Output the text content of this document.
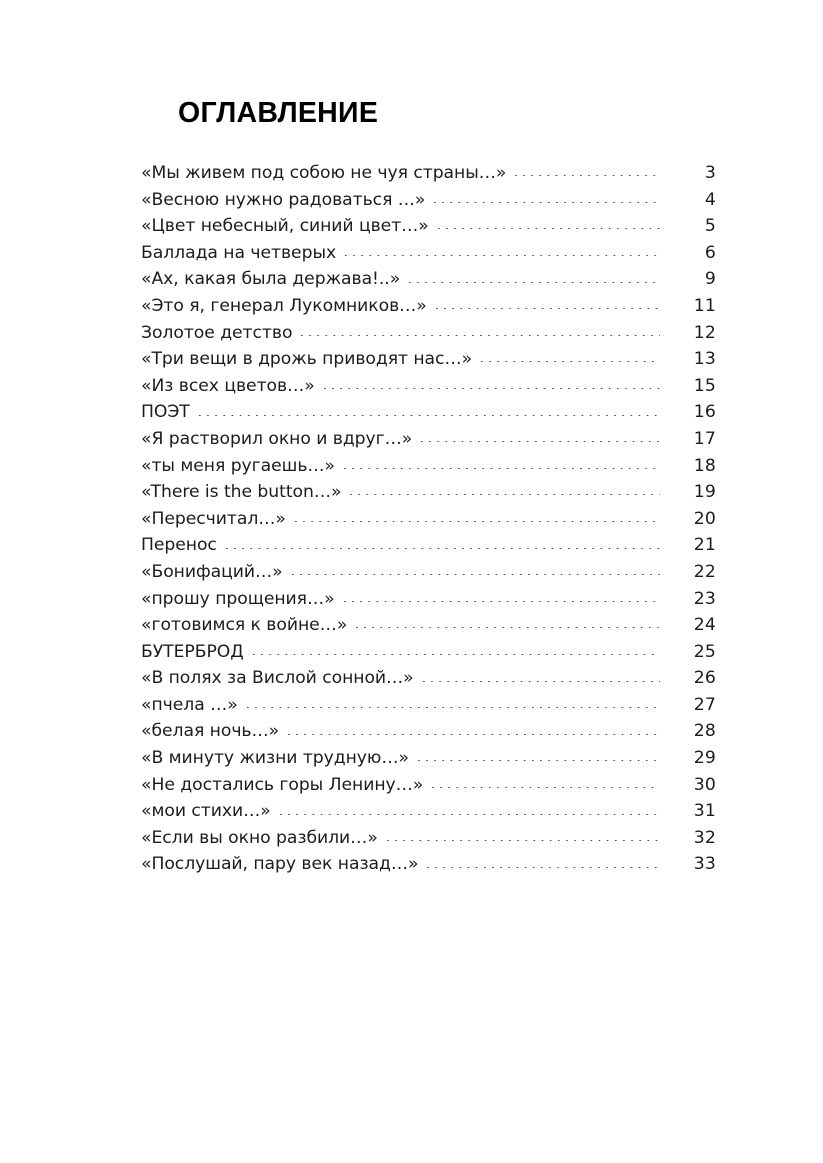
ОГЛАВЛЕНИЕ
«Мы живем под собою не чуя страны…»	3
«Весною нужно радоваться …»	4
«Цвет небесный, синий цвет…»	5
Баллада на четверых	6
«Ах, какая была держава!..»	9
«Это я, генерал Лукомников…»	11
Золотое детство	12
«Три вещи в дрожь приводят нас…»	13
«Из всех цветов…»	15
ПОЭТ	16
«Я растворил окно и вдруг…»	17
«ты меня ругаешь…»	18
«There is the button…»	19
«Пересчитал…»	20
Перенос	21
«Бонифаций…»	22
«прошу прощения…»	23
«готовимся к войне…»	24
БУТЕРБРОД	25
«В полях за Вислой сонной…»	26
«пчела …»	27
«белая ночь…»	28
«В минуту жизни трудную…»	29
«Не достались горы Ленину…»	30
«мои стихи…»	31
«Если вы окно разбили…»	32
«Послушай, пару век назад…»	33
